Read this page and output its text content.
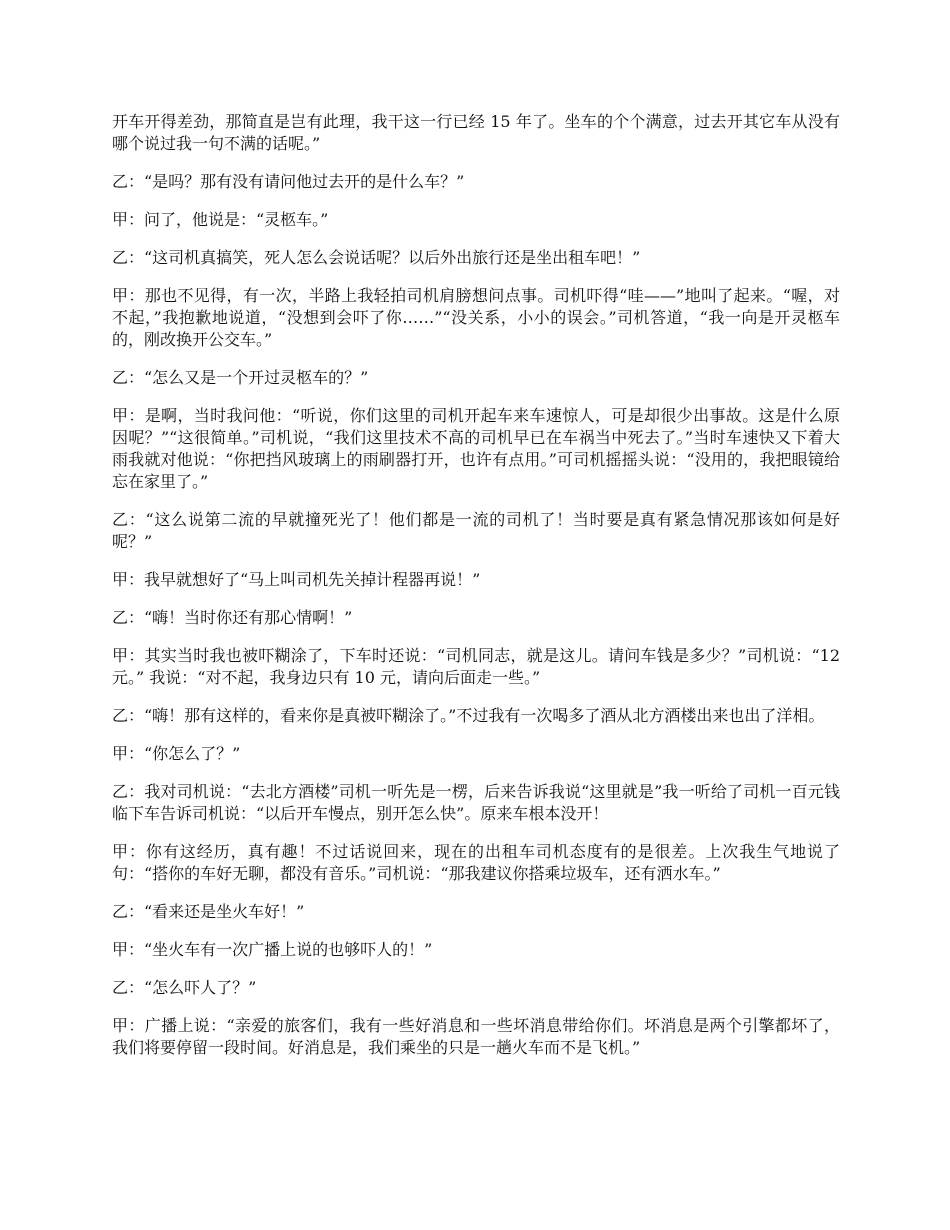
开车开得差劲，那简直是岂有此理，我干这一行已经 15 年了。坐车的个个满意，过去开其它车从没有哪个说过我一句不满的话呢。”

乙：“是吗？那有没有请问他过去开的是什么车？”

甲：问了，他说是：“灵柩车。”

乙：“这司机真搞笑，死人怎么会说话呢？以后外出旅行还是坐出租车吧！”

甲：那也不见得，有一次，半路上我轻拍司机肩膀想问点事。司机吓得“哇——”地叫了起来。“喔，对不起，”我抱歉地说道，“没想到会吓了你……”“没关系，小小的误会。”司机答道，“我一向是开灵柩车的，刚改换开公交车。”

乙：“怎么又是一个开过灵柩车的？”

甲：是啊，当时我问他：“听说，你们这里的司机开起车来车速惊人，可是却很少出事故。这是什么原因呢？”“这很简单。”司机说，“我们这里技术不高的司机早已在车祸当中死去了。”当时车速快又下着大雨我就对他说：“你把挡风玻璃上的雨刷器打开，也许有点用。”可司机摇摇头说：“没用的，我把眼镜给忘在家里了。”

乙：“这么说第二流的早就撞死光了！他们都是一流的司机了！当时要是真有紧急情况那该如何是好呢？”

甲：我早就想好了“马上叫司机先关掉计程器再说！”

乙：“嗨！当时你还有那心情啊！”

甲：其实当时我也被吓糊涂了，下车时还说：“司机同志，就是这儿。请问车钱是多少？”司机说：“12 元。” 我说：“对不起，我身边只有 10 元，请向后面走一些。”

乙：“嗨！那有这样的，看来你是真被吓糊涂了。”不过我有一次喝多了酒从北方酒楼出来也出了洋相。

甲：“你怎么了？”

乙：我对司机说：“去北方酒楼”司机一听先是一楞，后来告诉我说“这里就是”我一听给了司机一百元钱临下车告诉司机说：“以后开车慢点，别开怎么快”。原来车根本没开！

甲：你有这经历，真有趣！不过话说回来，现在的出租车司机态度有的是很差。上次我生气地说了句：“搭你的车好无聊，都没有音乐。”司机说：“那我建议你搭乘垃圾车，还有洒水车。”

乙：“看来还是坐火车好！”

甲：“坐火车有一次广播上说的也够吓人的！”

乙：“怎么吓人了？”

甲：广播上说：“亲爱的旅客们，我有一些好消息和一些坏消息带给你们。坏消息是两个引擎都坏了，我们将要停留一段时间。好消息是，我们乘坐的只是一趟火车而不是飞机。”
